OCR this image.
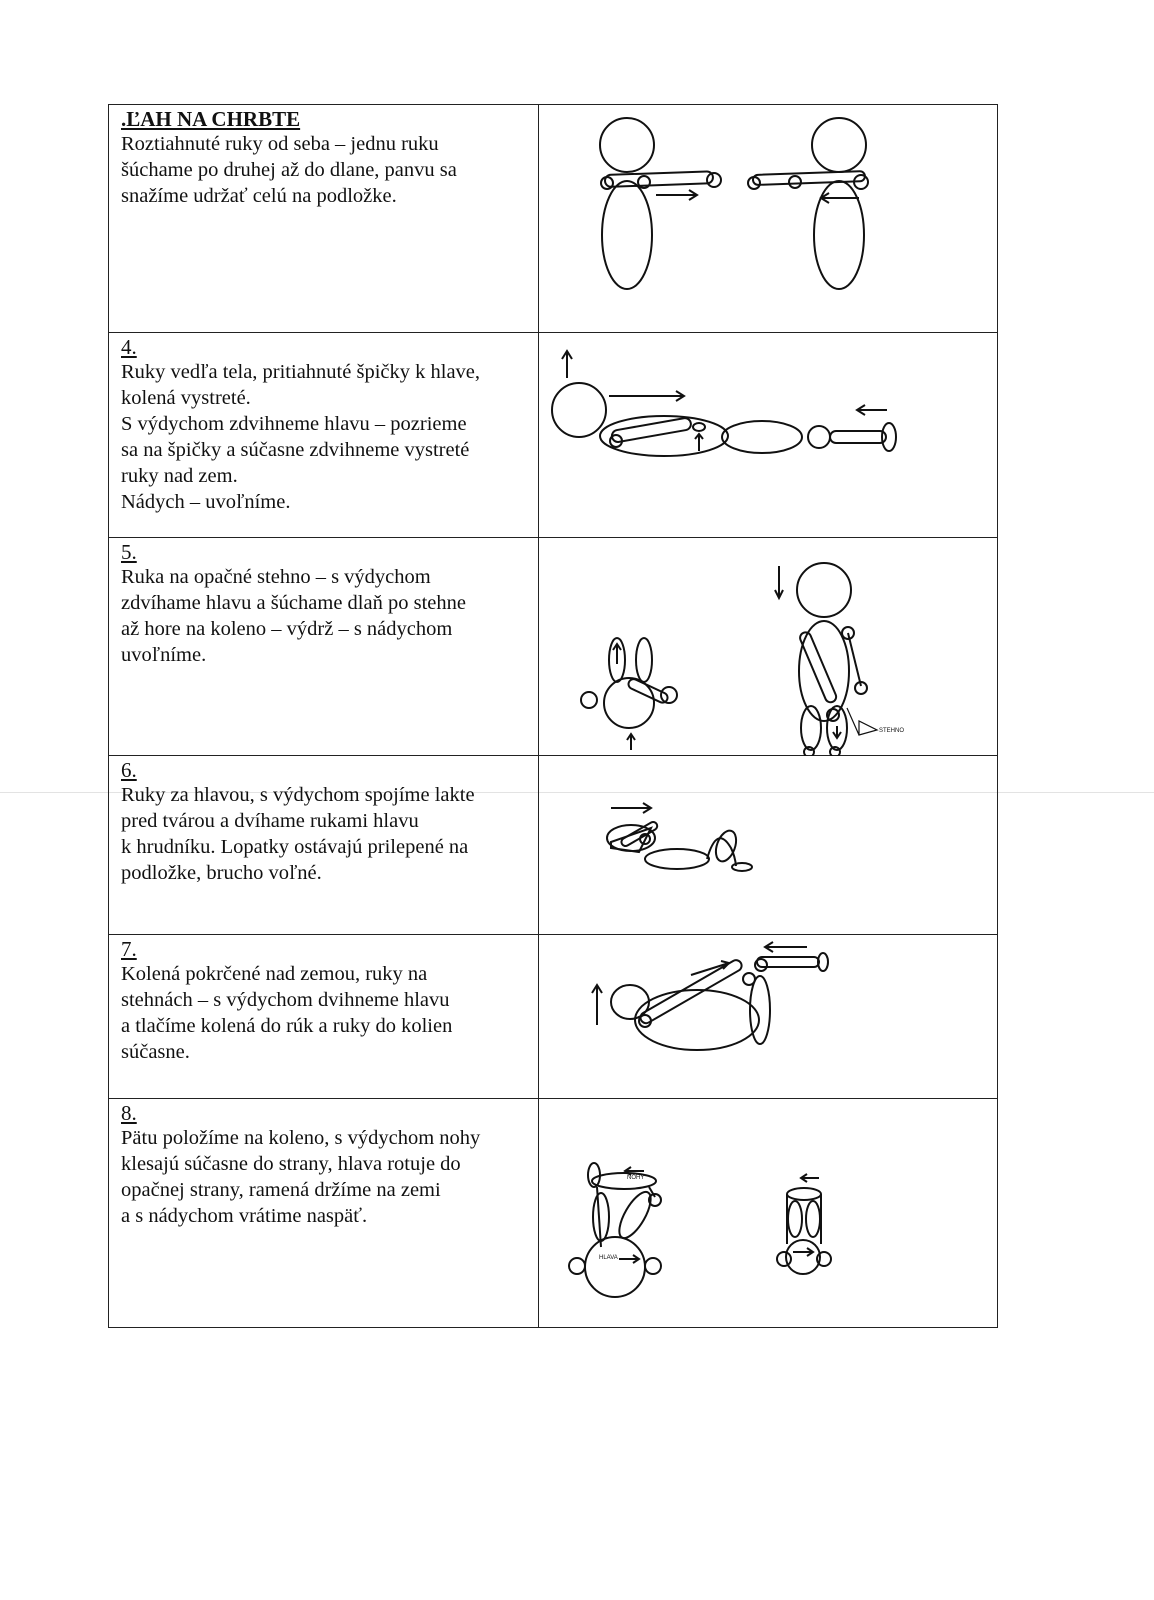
.ĽAH NA CHRBTE
Roztiahnuté ruky od seba – jednu ruku
šúchame po druhej až do dlane, panvu sa
snažíme udržať celú na podložke.
4.
Ruky vedľa tela, pritiahnuté špičky k hlave,
kolená vystreté.
S výdychom zdvihneme hlavu – pozrieme
sa na špičky a súčasne zdvihneme vystreté
ruky nad zem.
Nádych – uvoľníme.
5.
Ruka na opačné stehno – s výdychom
zdvíhame hlavu a šúchame dlaň po stehne
až hore na koleno – výdrž – s nádychom
uvoľníme.
STEHNO
6.
Ruky za hlavou, s výdychom spojíme lakte
pred tvárou a dvíhame rukami hlavu
k hrudníku. Lopatky ostávajú prilepené na
podložke, brucho voľné.
7.
Kolená pokrčené nad zemou, ruky na
stehnách – s výdychom dvihneme hlavu
a tlačíme kolená do rúk a ruky do kolien
súčasne.
8.
Pätu položíme na koleno, s výdychom nohy
klesajú súčasne do strany, hlava rotuje do
opačnej strany, ramená držíme na zemi
a s nádychom vrátime naspäť.
HLAVA
NOHY
